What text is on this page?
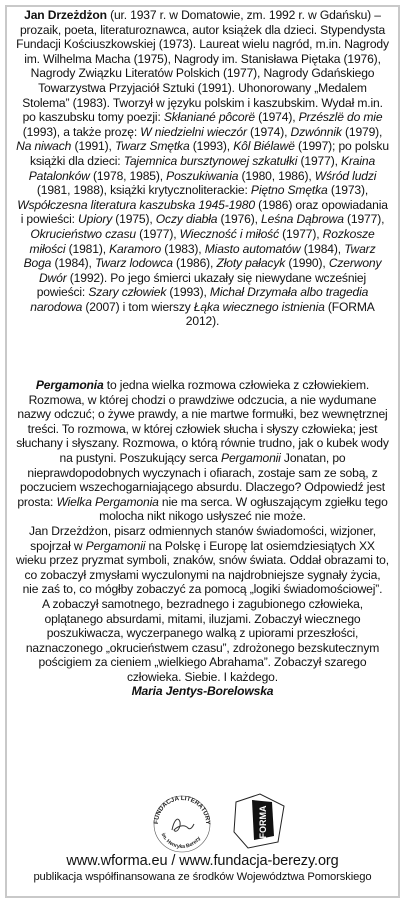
Jan Drzeżdżon (ur. 1937 r. w Domatowie, zm. 1992 r. w Gdańsku) – prozaik, poeta, literaturoznawca, autor książek dla dzieci. Stypendysta Fundacji Kościuszkowskiej (1973). Laureat wielu nagród, m.in. Nagrody im. Wilhelma Macha (1975), Nagrody im. Stanisława Piętaka (1976), Nagrody Związku Literatów Polskich (1977), Nagrody Gdańskiego Towarzystwa Przyjaciół Sztuki (1991). Uhonorowany „Medalem Stolema” (1983). Tworzył w języku polskim i kaszubskim. Wydał m.in. po kaszubsku tomy poezji: Skłaniané pôcorë (1974), Przészlë do mie (1993), a także prozę: W niedzielni wieczór (1974), Dzwónnik (1979), Na niwach (1991), Twarz Smętka (1993), Kôl Biélawë (1997); po polsku książki dla dzieci: Tajemnica bursztynowej szkatułki (1977), Kraina Patalonków (1978, 1985), Poszukiwania (1980, 1986), Wśród ludzi (1981, 1988), książki krytycznoliterackie: Piętno Smętka (1973), Współczesna literatura kaszubska 1945-1980 (1986) oraz opowiadania i powieści: Upiory (1975), Oczy diabła (1976), Leśna Dąbrowa (1977), Okrucieństwo czasu (1977), Wieczność i miłość (1977), Rozkosze miłości (1981), Karamoro (1983), Miasto automatów (1984), Twarz Boga (1984), Twarz lodowca (1986), Złoty pałacyk (1990), Czerwony Dwór (1992). Po jego śmierci ukazały się niewydane wcześniej powieści: Szary człowiek (1993), Michał Drzymała albo tragedia narodowa (2007) i tom wierszy Łąka wiecznego istnienia (FORMA 2012).
Pergamonia to jedna wielka rozmowa człowieka z człowiekiem. Rozmowa, w której chodzi o prawdziwe odczucia, a nie wydumane nazwy odczuć; o żywe prawdy, a nie martwe formułki, bez wewnętrznej treści. To rozmowa, w której człowiek słucha i słyszy człowieka; jest słuchany i słyszany. Rozmowa, o którą równie trudno, jak o kubek wody na pustyni. Poszukujący serca Pergamonii Jonatan, po nieprawdopodobnych wyczynach i ofiarach, zostaje sam ze sobą, z poczuciem wszechogarniającego absurdu. Dlaczego? Odpowiedź jest prosta: Wielka Pergamonia nie ma serca. W ogłuszającym zgiełku tego molocha nikt nikogo usłyszeć nie może.
Jan Drzeżdżon, pisarz odmiennych stanów świadomości, wizjoner, spojrzał w Pergamonii na Polskę i Europę lat osiemdziesiątych XX wieku przez pryzmat symboli, znaków, snów świata. Oddał obrazami to, co zobaczył zmysłami wyczulonymi na najdrobniejsze sygnały życia, nie zaś to, co mógłby zobaczyć za pomocą „logiki świadomościowej”.
A zobaczył samotnego, bezradnego i zagubionego człowieka, oplątanego absurdami, mitami, iluzjami. Zobaczył wiecznego poszukiwacza, wyczerpanego walką z upiorami przeszłości, naznaczonego „okrucieństwem czasu”, zdrożonego bezskutecznym pościgiem za cieniem „wielkiego Abrahama”. Zobaczył szarego człowieka. Siebie. I każdego.
Maria Jentys-Borelowska
FUNDACJA LITERATURY
im. Henryka Berezy
FORMA
www.wforma.eu / www.fundacja-berezy.org
publikacja współfinansowana ze środków Województwa Pomorskiego
